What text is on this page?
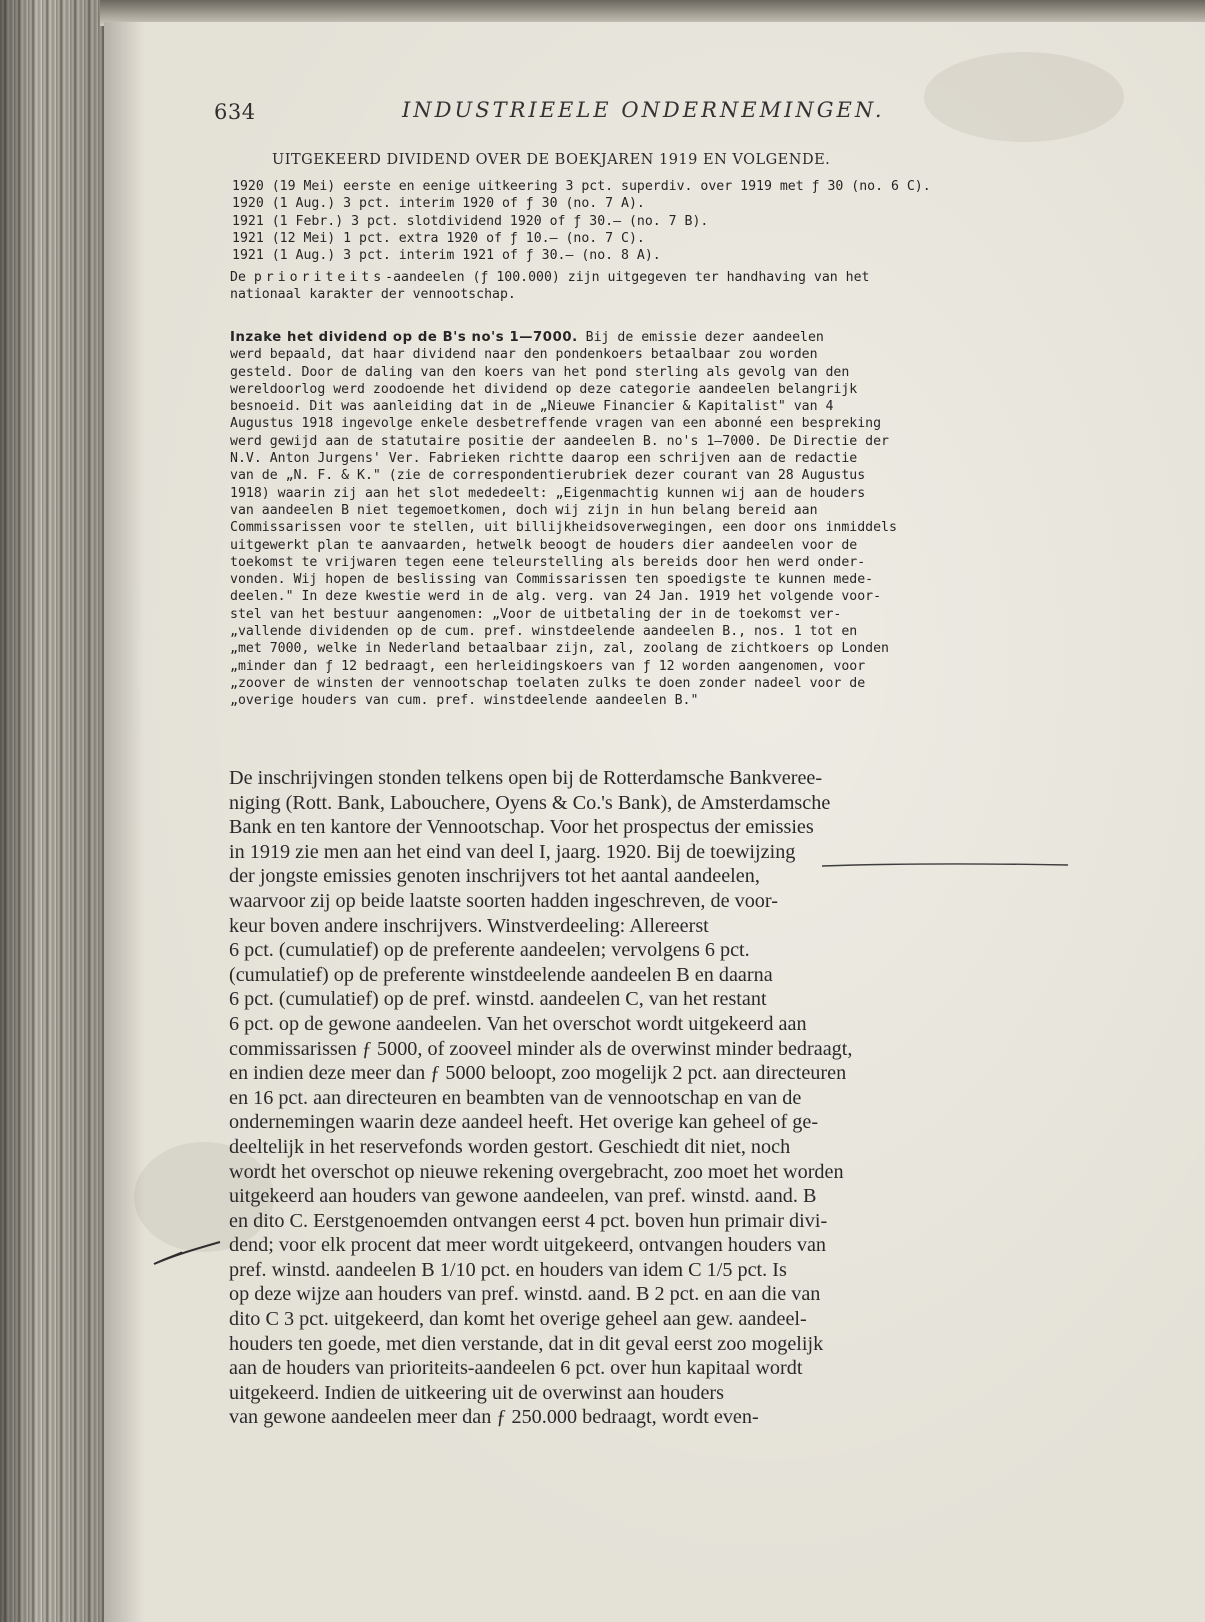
634	INDUSTRIEELE ONDERNEMINGEN.
UITGEKEERD DIVIDEND OVER DE BOEKJAREN 1919 EN VOLGENDE.
1920 (19 Mei) eerste en eenige uitkeering 3 pct. superdiv. over 1919 met ƒ 30 (no. 6 C).
1920 (1 Aug.) 3 pct. interim 1920 of ƒ 30 (no. 7 A).
1921 (1 Febr.) 3 pct. slotdividend 1920 of ƒ 30.— (no. 7 B).
1921 (12 Mei) 1 pct. extra 1920 of ƒ 10.— (no. 7 C).
1921 (1 Aug.) 3 pct. interim 1921 of ƒ 30.— (no. 8 A).
De prioriteits-aandeelen (ƒ 100.000) zijn uitgegeven ter handhaving van het
nationaal karakter der vennootschap.
Inzake het dividend op de B's no's 1—7000. Bij de emissie dezer aandeelen
werd bepaald, dat haar dividend naar den pondenkoers betaalbaar zou worden
gesteld. Door de daling van den koers van het pond sterling als gevolg van den
wereldoorlog werd zoodoende het dividend op deze categorie aandeelen belangrijk
besnoeid. Dit was aanleiding dat in de „Nieuwe Financier & Kapitalist" van 4
Augustus 1918 ingevolge enkele desbetreffende vragen van een abonné een bespreking
werd gewijd aan de statutaire positie der aandeelen B. no's 1—7000. De Directie der
N.V. Anton Jurgens' Ver. Fabrieken richtte daarop een schrijven aan de redactie
van de „N. F. & K." (zie de correspondentierubriek dezer courant van 28 Augustus
1918) waarin zij aan het slot mededeelt: „Eigenmachtig kunnen wij aan de houders
van aandeelen B niet tegemoetkomen, doch wij zijn in hun belang bereid aan
Commissarissen voor te stellen, uit billijkheidsoverwegingen, een door ons inmiddels
uitgewerkt plan te aanvaarden, hetwelk beoogt de houders dier aandeelen voor de
toekomst te vrijwaren tegen eene teleurstelling als bereids door hen werd onder-
vonden. Wij hopen de beslissing van Commissarissen ten spoedigste te kunnen mede-
deelen." In deze kwestie werd in de alg. verg. van 24 Jan. 1919 het volgende voor-
stel van het bestuur aangenomen: „Voor de uitbetaling der in de toekomst ver-
„vallende dividenden op de cum. pref. winstdeelende aandeelen B., nos. 1 tot en
„met 7000, welke in Nederland betaalbaar zijn, zal, zoolang de zichtkoers op Londen
„minder dan ƒ 12 bedraagt, een herleidingskoers van ƒ 12 worden aangenomen, voor
„zoover de winsten der vennootschap toelaten zulks te doen zonder nadeel voor de
„overige houders van cum. pref. winstdeelende aandeelen B."
De inschrijvingen stonden telkens open bij de Rotterdamsche Bankvereе-
niging (Rott. Bank, Labouchere, Oyens & Co.'s Bank), de Amsterdamsche
Bank en ten kantore der Vennootschap. Voor het prospectus der emissies
in 1919 zie men aan het eind van deel I, jaarg. 1920. Bij de toewijzing
der jongste emissies genoten inschrijvers tot het aantal aandeelen,
waarvoor zij op beide laatste soorten hadden ingeschreven, de voor-
keur boven andere inschrijvers. Winstverdeeling: Allereerst
6 pct. (cumulatief) op de preferente aandeelen; vervolgens 6 pct.
(cumulatief) op de preferente winstdeelende aandeelen B en daarna
6 pct. (cumulatief) op de pref. winstd. aandeelen C, van het restant
6 pct. op de gewone aandeelen. Van het overschot wordt uitgekeerd aan
commissarissen ƒ 5000, of zooveel minder als de overwinst minder bedraagt,
en indien deze meer dan ƒ 5000 beloopt, zoo mogelijk 2 pct. aan directeuren
en 16 pct. aan directeuren en beambten van de vennootschap en van de
ondernemingen waarin deze aandeel heeft. Het overige kan geheel of ge-
deeltelijk in het reservefonds worden gestort. Geschiedt dit niet, noch
wordt het overschot op nieuwe rekening overgebracht, zoo moet het worden
uitgekeerd aan houders van gewone aandeelen, van pref. winstd. aand. B
en dito C. Eerstgenoemden ontvangen eerst 4 pct. boven hun primair divi-
dend; voor elk procent dat meer wordt uitgekeerd, ontvangen houders van
pref. winstd. aandeelen B 1/10 pct. en houders van idem C 1/5 pct. Is
op deze wijze aan houders van pref. winstd. aand. B 2 pct. en aan die van
dito C 3 pct. uitgekeerd, dan komt het overige geheel aan gew. aandeel-
houders ten goede, met dien verstande, dat in dit geval eerst zoo mogelijk
aan de houders van prioriteits-aandeelen 6 pct. over hun kapitaal wordt
uitgekeerd. Indien de uitkeering uit de overwinst aan houders
van gewone aandeelen meer dan ƒ 250.000 bedraagt, wordt even-
